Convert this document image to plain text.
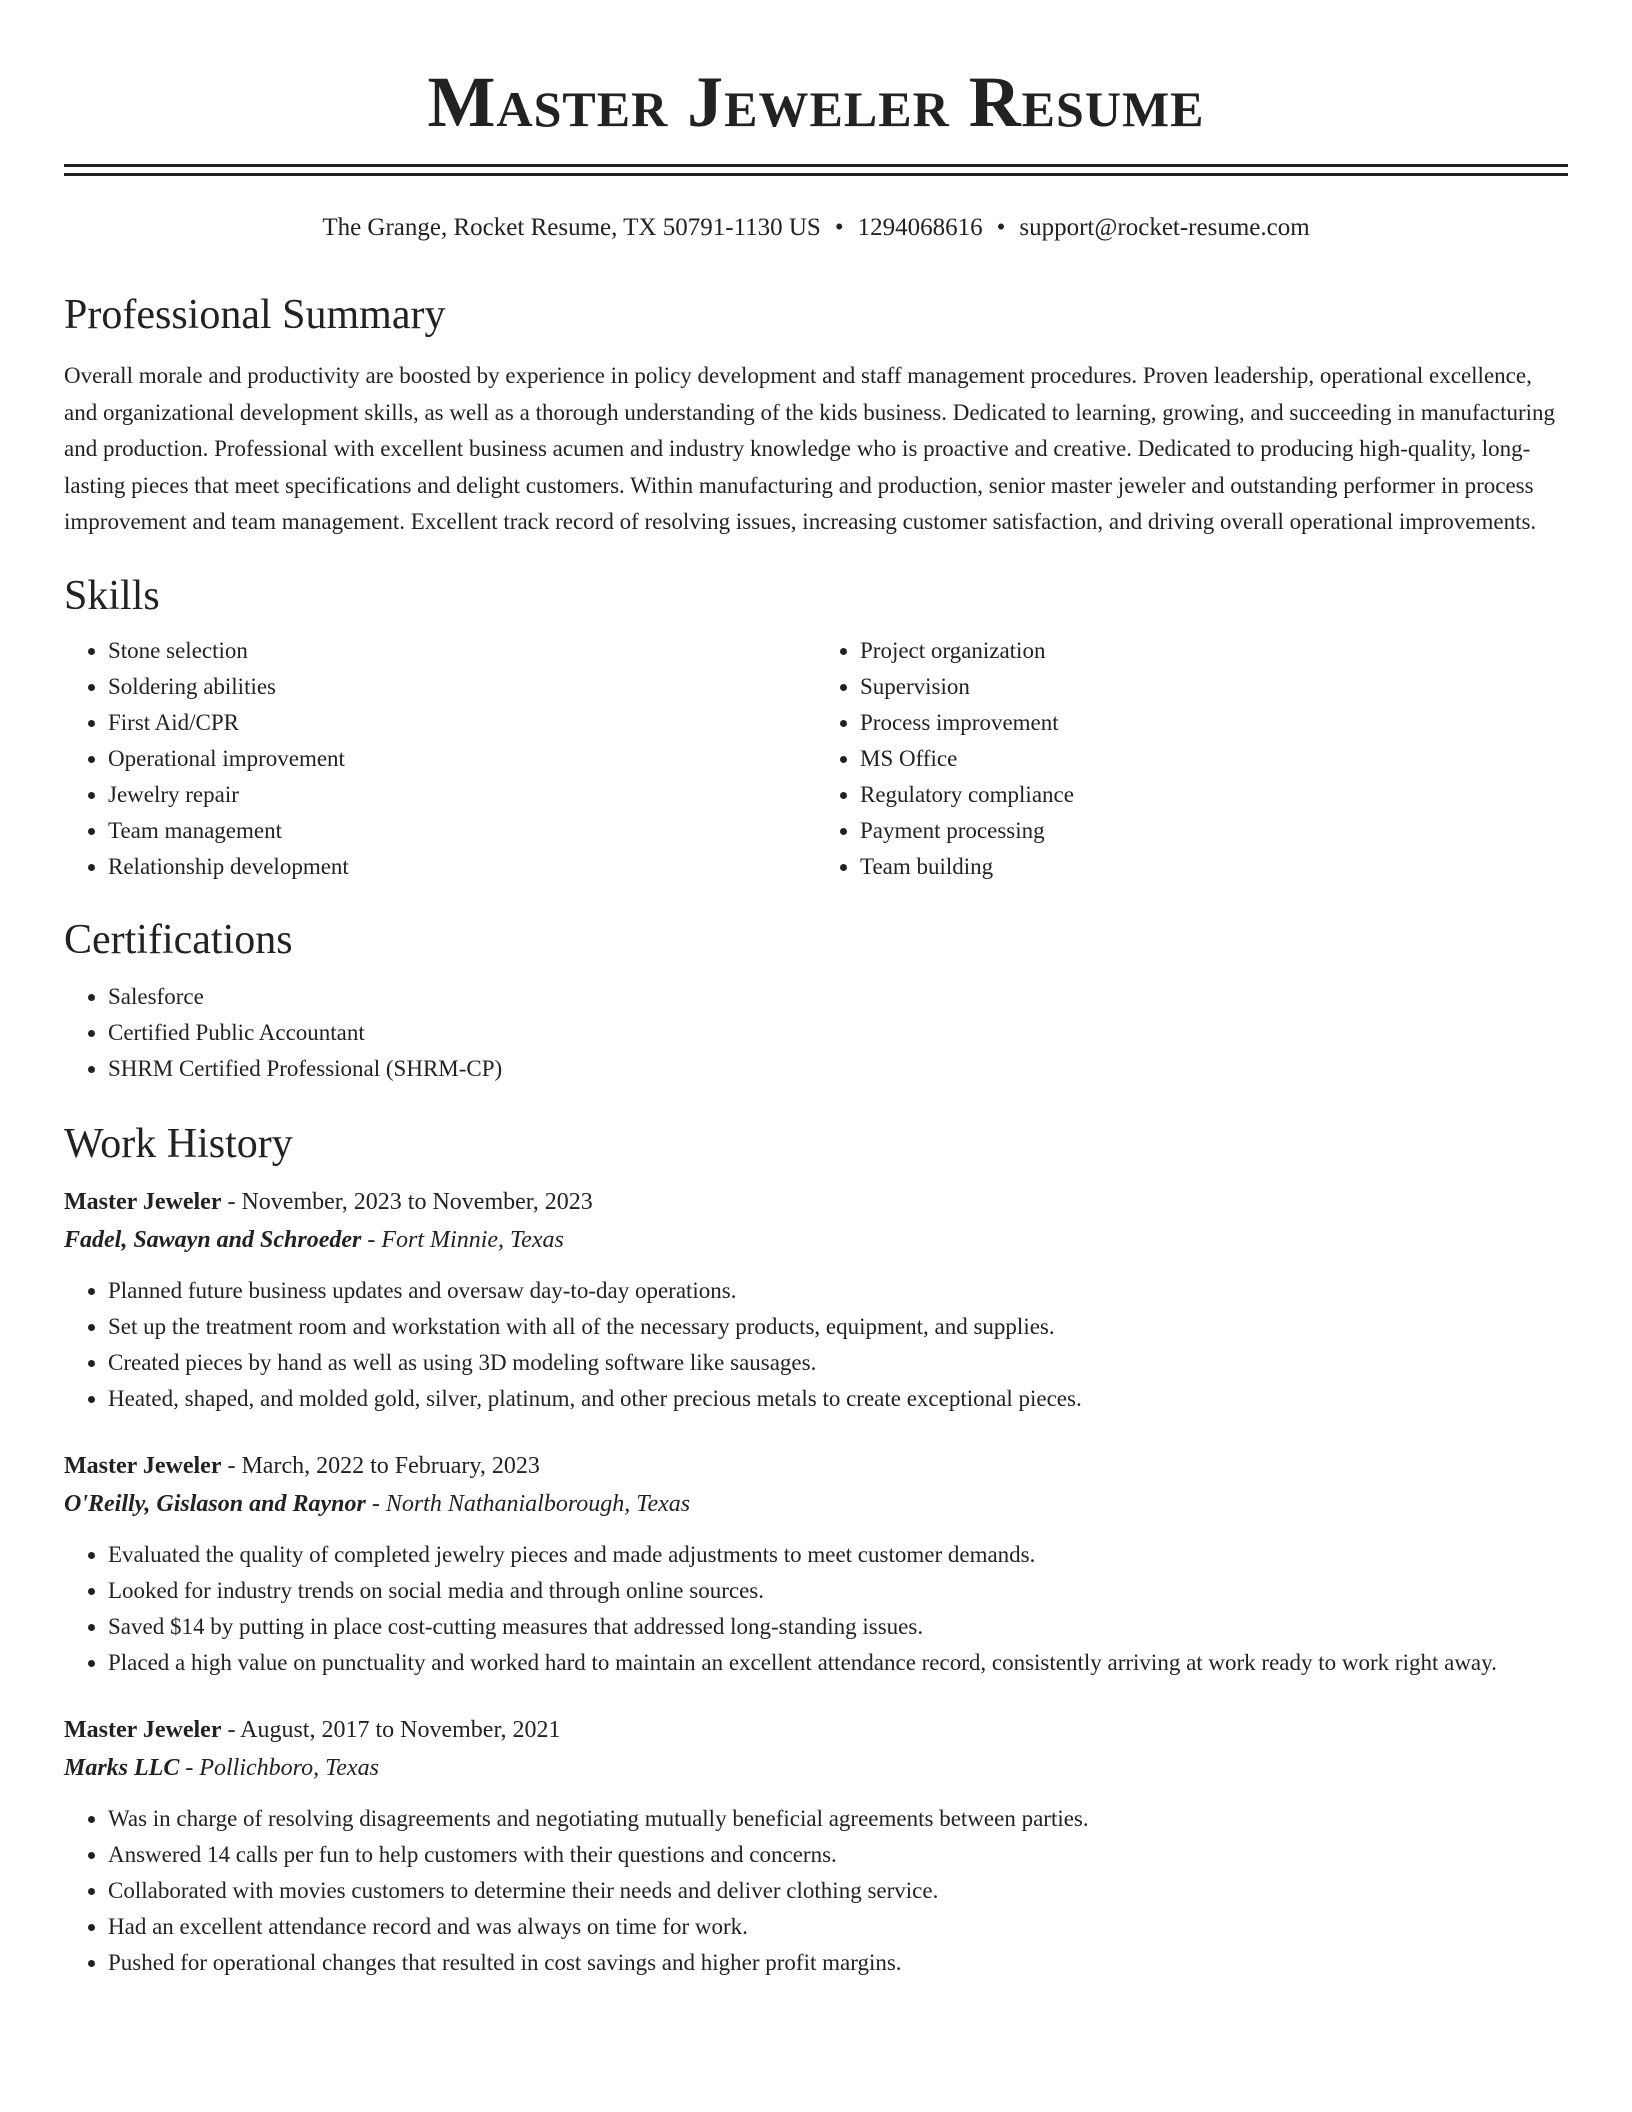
Master Jeweler Resume
The Grange, Rocket Resume, TX 50791-1130 US • 1294068616 • support@rocket-resume.com
Professional Summary

Overall morale and productivity are boosted by experience in policy development and staff management procedures. Proven leadership, operational excellence, and organizational development skills, as well as a thorough understanding of the kids business. Dedicated to learning, growing, and succeeding in manufacturing and production. Professional with excellent business acumen and industry knowledge who is proactive and creative. Dedicated to producing high-quality, long-lasting pieces that meet specifications and delight customers. Within manufacturing and production, senior master jeweler and outstanding performer in process improvement and team management. Excellent track record of resolving issues, increasing customer satisfaction, and driving overall operational improvements.

Skills
• Stone selection
• Soldering abilities
• First Aid/CPR
• Operational improvement
• Jewelry repair
• Team management
• Relationship development
• Project organization
• Supervision
• Process improvement
• MS Office
• Regulatory compliance
• Payment processing
• Team building
Certifications
• Salesforce
• Certified Public Accountant
• SHRM Certified Professional (SHRM-CP)
Work History
Master Jeweler - November, 2023 to November, 2023
Fadel, Sawayn and Schroeder - Fort Minnie, Texas
• Planned future business updates and oversaw day-to-day operations.
• Set up the treatment room and workstation with all of the necessary products, equipment, and supplies.
• Created pieces by hand as well as using 3D modeling software like sausages.
• Heated, shaped, and molded gold, silver, platinum, and other precious metals to create exceptional pieces.
Master Jeweler - March, 2022 to February, 2023
O'Reilly, Gislason and Raynor - North Nathanialborough, Texas
• Evaluated the quality of completed jewelry pieces and made adjustments to meet customer demands.
• Looked for industry trends on social media and through online sources.
• Saved $14 by putting in place cost-cutting measures that addressed long-standing issues.
• Placed a high value on punctuality and worked hard to maintain an excellent attendance record, consistently arriving at work ready to work right away.
Master Jeweler - August, 2017 to November, 2021
Marks LLC - Pollichboro, Texas
• Was in charge of resolving disagreements and negotiating mutually beneficial agreements between parties.
• Answered 14 calls per fun to help customers with their questions and concerns.
• Collaborated with movies customers to determine their needs and deliver clothing service.
• Had an excellent attendance record and was always on time for work.
• Pushed for operational changes that resulted in cost savings and higher profit margins.
